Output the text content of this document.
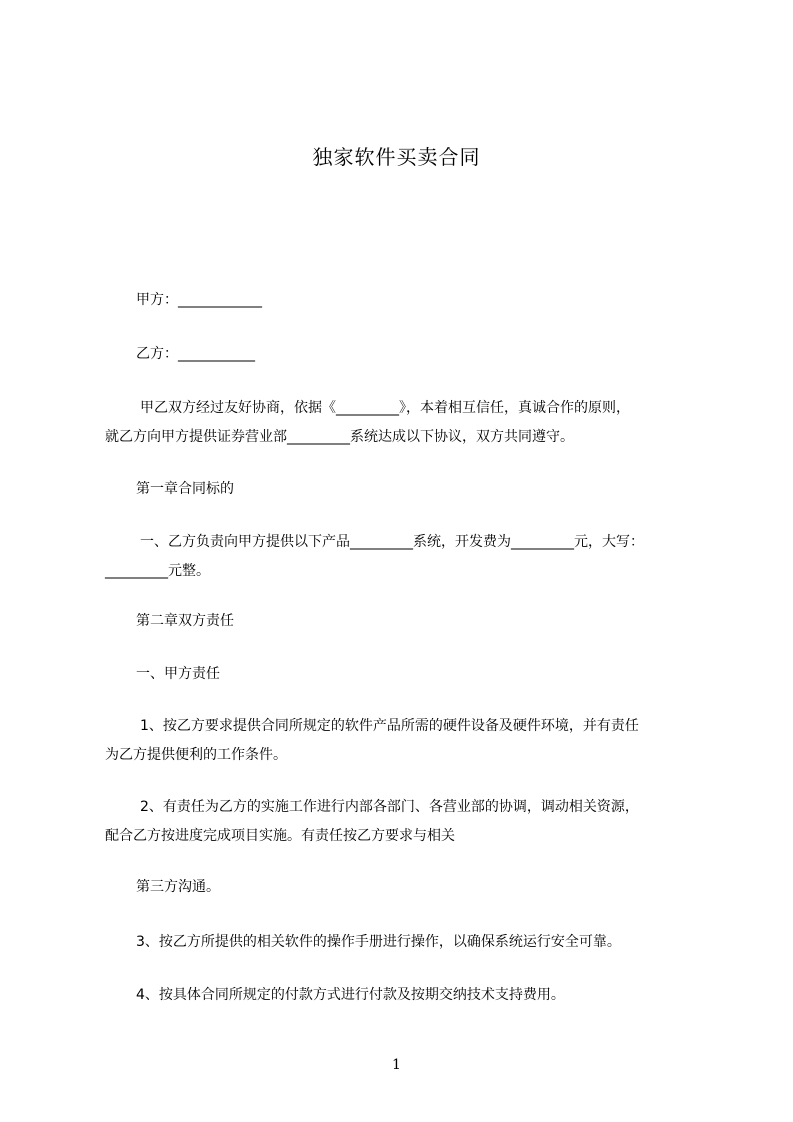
独家软件买卖合同
甲方：____________
乙方：___________
甲乙双方经过友好协商，依据《_________》，本着相互信任，真诚合作的原则，
就乙方向甲方提供证券营业部_________系统达成以下协议，双方共同遵守。
第一章合同标的
一、乙方负责向甲方提供以下产品_________系统，开发费为_________元，大写：
_________元整。
第二章双方责任
一、甲方责任
1、按乙方要求提供合同所规定的软件产品所需的硬件设备及硬件环境，并有责任
为乙方提供便利的工作条件。
2、有责任为乙方的实施工作进行内部各部门、各营业部的协调，调动相关资源，
配合乙方按进度完成项目实施。有责任按乙方要求与相关
第三方沟通。
3、按乙方所提供的相关软件的操作手册进行操作，以确保系统运行安全可靠。
4、按具体合同所规定的付款方式进行付款及按期交纳技术支持费用。
1
